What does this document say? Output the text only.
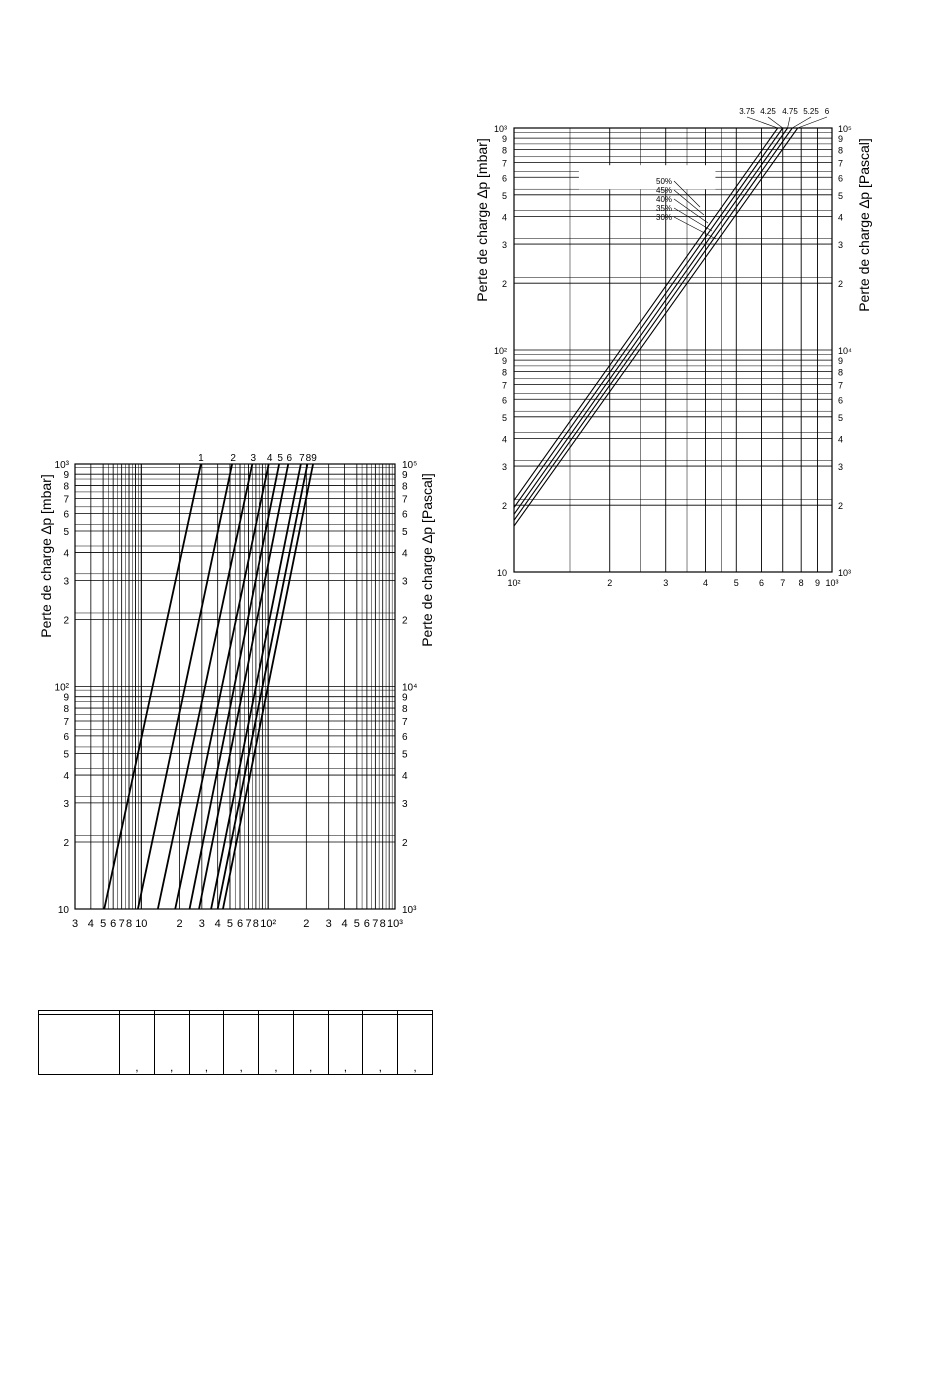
1	2 3 4 5 6 7 8 9
3 4 5 6 7 8 10	2 3 4 5 6 7 8 10² 2 3 4 5 6 7 8 10³
10	10³
2	2
3	3
4	4
5	5
6	6
7	7
8	8
9	9
10²	10⁴
2	2
3	3
4	4
5	5
6	6
7	7
8	8
9	9
10³	10⁵
Perte de charge ∆p [mbar]	Perte de charge ∆p [Pascal]
3.75 4.25 4.75 5.25 6
50%
45%
40%
35%
30%
10²	2	3	4	5 6 7 8 9 10³
10	10³
2	2
3	3
4	4
5	5
6	6
7	7
8	8
9	9
10²	10⁴
2	2
3	3
4	4
5	5
6	6
7	7
8	8
9	9
10³	10⁵
Perte de charge ∆p [mbar]	Perte de charge ∆p [Pascal]

	,	,	,	,	,	,	,	,	,
